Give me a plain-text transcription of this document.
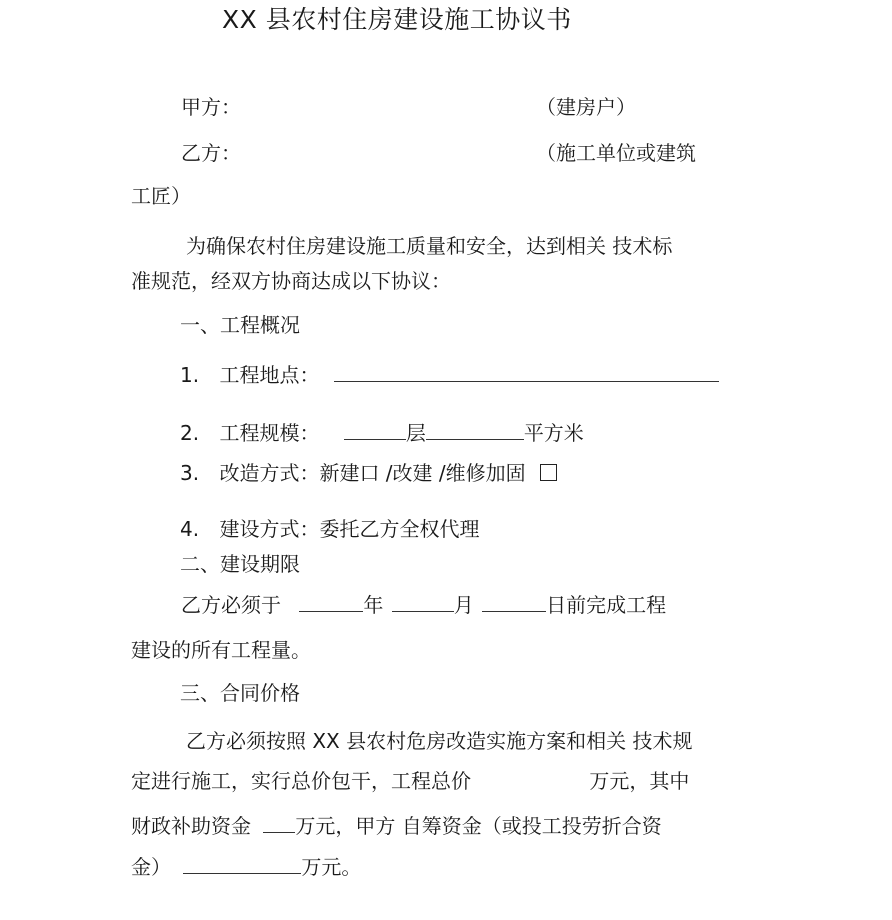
XX 县农村住房建设施工协议书
甲方：	（建房户）
乙方：	（施工单位或建筑
工匠）
为确保农村住房建设施工质量和安全，达到相关 技术标
准规范，经双方协商达成以下协议：
一、工程概况
1. 工程地点：
2. 工程规模：	层	平方米
3. 改造方式：新建口 /改建 /维修加固
4. 建设方式：委托乙方全权代理
二、建设期限
乙方必须于	年	月	日前完成工程
建设的所有工程量。
三、合同价格
乙方必须按照 XX 县农村危房改造实施方案和相关 技术规
定进行施工，实行总价包干，工程总价	万元，其中
财政补助资金 万元，甲方 自筹资金（或投工投劳折合资
金）	万元。
